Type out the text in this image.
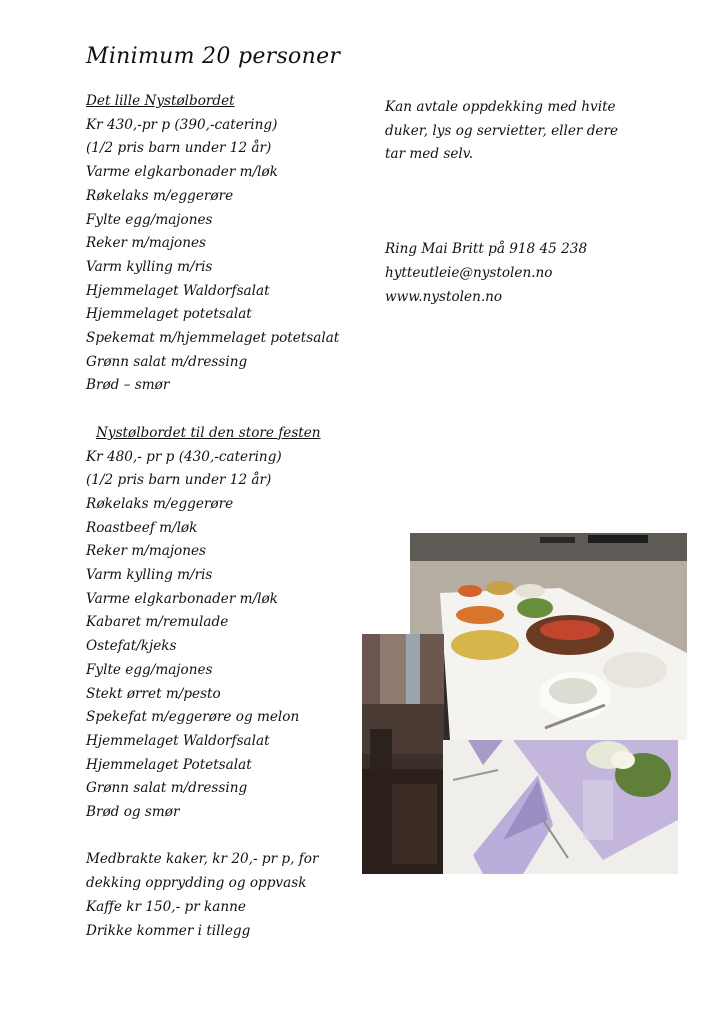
Minimum 20 personer
Det lille Nystølbordet
Kr 430,-pr p (390,-catering)
(1/2 pris barn under 12 år)
Varme elgkarbonader m/løk
Røkelaks m/eggerøre
Fylte egg/majones
Reker m/majones
Varm kylling m/ris
Hjemmelaget Waldorfsalat
Hjemmelaget potetsalat
Spekemat m/hjemmelaget potetsalat
Grønn salat m/dressing
Brød – smør
Nystølbordet til den store festen
Kr 480,- pr p (430,-catering)
(1/2 pris barn under 12 år)
Røkelaks m/eggerøre
Roastbeef m/løk
Reker m/majones
Varm kylling m/ris
Varme elgkarbonader m/løk
Kabaret m/remulade
Ostefat/kjeks
Fylte egg/majones
Stekt ørret m/pesto
Spekefat m/eggerøre og melon
Hjemmelaget Waldorfsalat
Hjemmelaget Potetsalat
Grønn salat m/dressing
Brød og smør
Medbrakte kaker, kr 20,- pr p, for
dekking opprydding og oppvask
Kaffe kr 150,- pr kanne
Drikke kommer i tillegg
Kan avtale oppdekking med hvite
duker, lys og servietter, eller dere
tar med selv.
Ring Mai Britt på 918 45 238
hytteutleie@nystolen.no
www.nystolen.no
